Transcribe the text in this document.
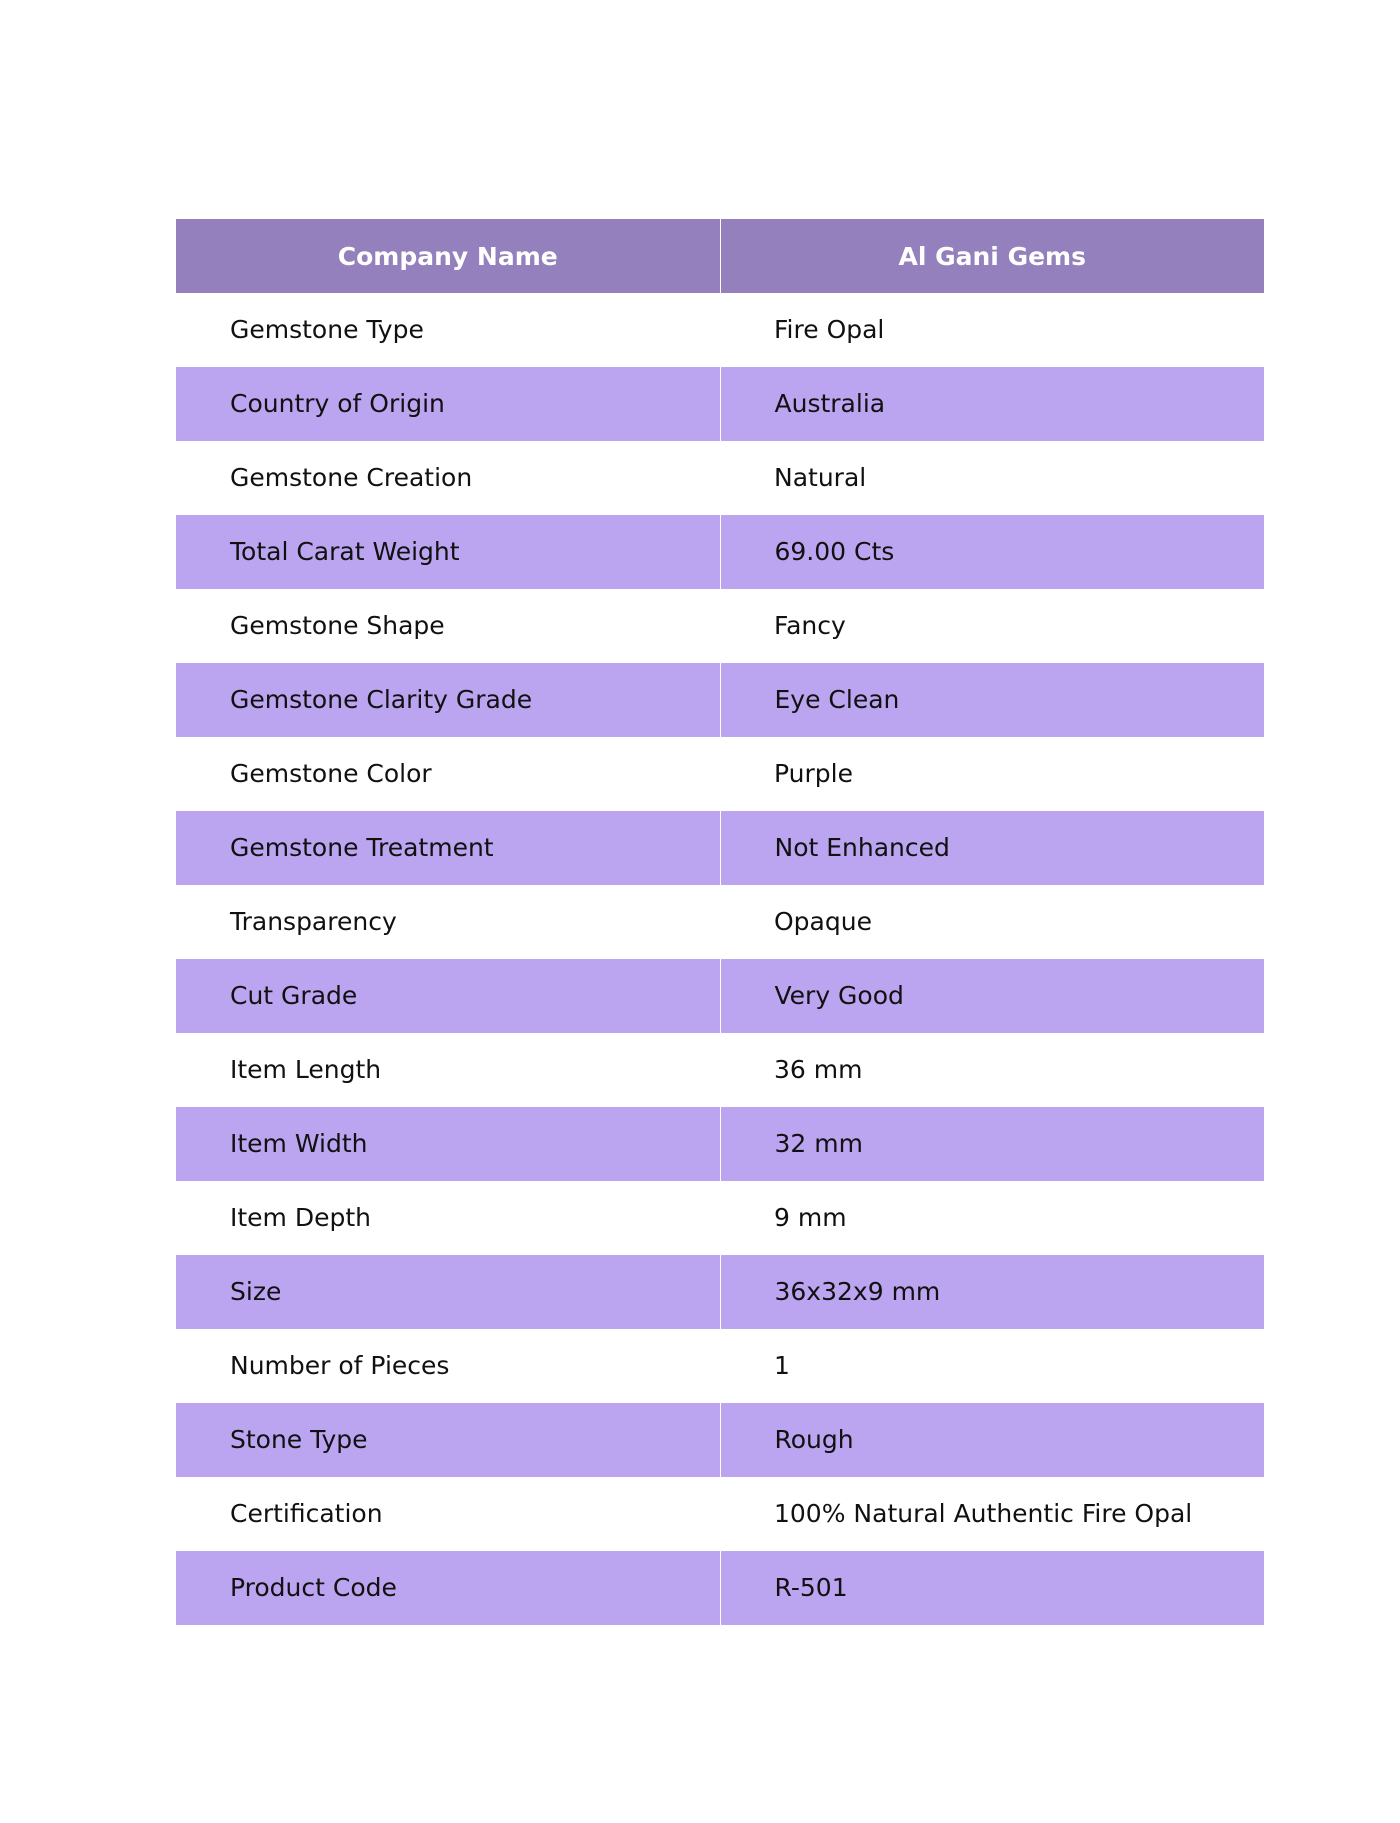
Company Name	Al Gani Gems
Gemstone Type	Fire Opal
Country of Origin	Australia
Gemstone Creation	Natural
Total Carat Weight	69.00 Cts
Gemstone Shape	Fancy
Gemstone Clarity Grade	Eye Clean
Gemstone Color	Purple
Gemstone Treatment	Not Enhanced
Transparency	Opaque
Cut Grade	Very Good
Item Length	36 mm
Item Width	32 mm
Item Depth	9 mm
Size	36x32x9 mm
Number of Pieces	1
Stone Type	Rough
Certification	100% Natural Authentic Fire Opal
Product Code	R-501
